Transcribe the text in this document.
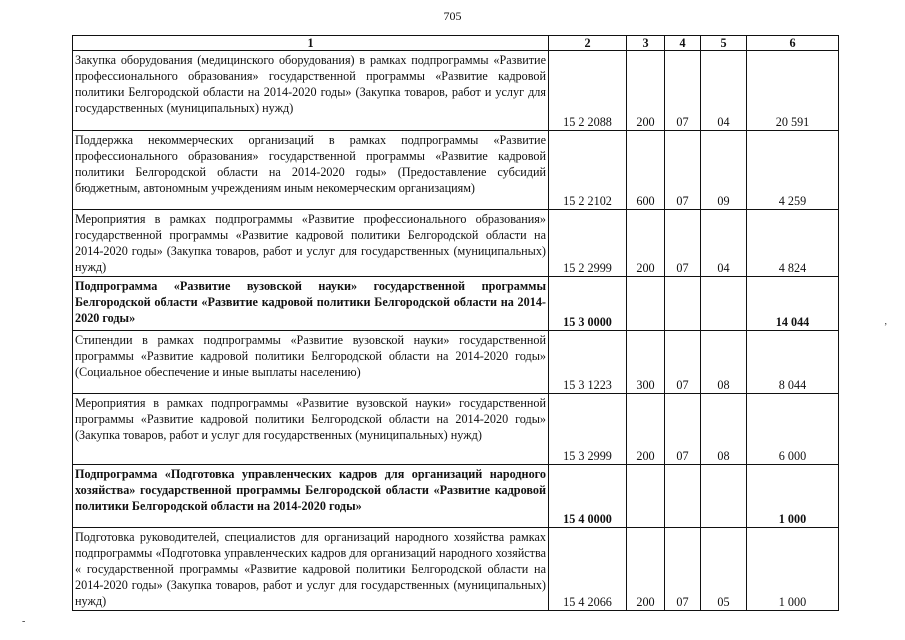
705
1	2	3	4	5	6
Закупка оборудования (медицинского оборудования) в рамках подпрограммы «Развитие профессионального образования» государственной программы «Развитие кадровой политики Белгородской области на 2014-2020 годы» (Закупка товаров, работ и услуг для государственных (муниципальных) нужд)	15 2 2088	200	07	04	20 591
Поддержка некоммерческих организаций в рамках подпрограммы «Развитие профессионального образования» государственной программы «Развитие кадровой политики Белгородской области на 2014-2020 годы» (Предоставление субсидий бюджетным, автономным учреждениям иным некомерческим организациям)	15 2 2102	600	07	09	4 259
Мероприятия в рамках подпрограммы «Развитие профессионального образования» государственной программы «Развитие кадровой политики Белгородской области на 2014-2020 годы» (Закупка товаров, работ и услуг для государственных (муниципальных) нужд)	15 2 2999	200	07	04	4 824
Подпрограмма «Развитие вузовской науки» государственной программы Белгородской области «Развитие кадровой политики Белгородской области на 2014-2020 годы»	15 3 0000				14 044
Стипендии в рамках подпрограммы «Развитие вузовской науки» государственной программы «Развитие кадровой политики Белгородской области на 2014-2020 годы» (Социальное обеспечение и иные выплаты населению)	15 3 1223	300	07	08	8 044
Мероприятия в рамках подпрограммы «Развитие вузовской науки» государственной программы «Развитие кадровой политики Белгородской области на 2014-2020 годы» (Закупка товаров, работ и услуг для государственных (муниципальных) нужд)	15 3 2999	200	07	08	6 000
Подпрограмма «Подготовка управленческих кадров для организаций народного хозяйства» государственной программы Белгородской области «Развитие кадровой политики Белгородской области на 2014-2020 годы»	15 4 0000				1 000
Подготовка руководителей, специалистов для организаций народного хозяйства рамках подпрограммы «Подготовка управленческих кадров для организаций народного хозяйства « государственной программы «Развитие кадровой политики Белгородской области на 2014-2020 годы» (Закупка товаров, работ и услуг для государственных (муниципальных) нужд)	15 4 2066	200	07	05	1 000
’
-
